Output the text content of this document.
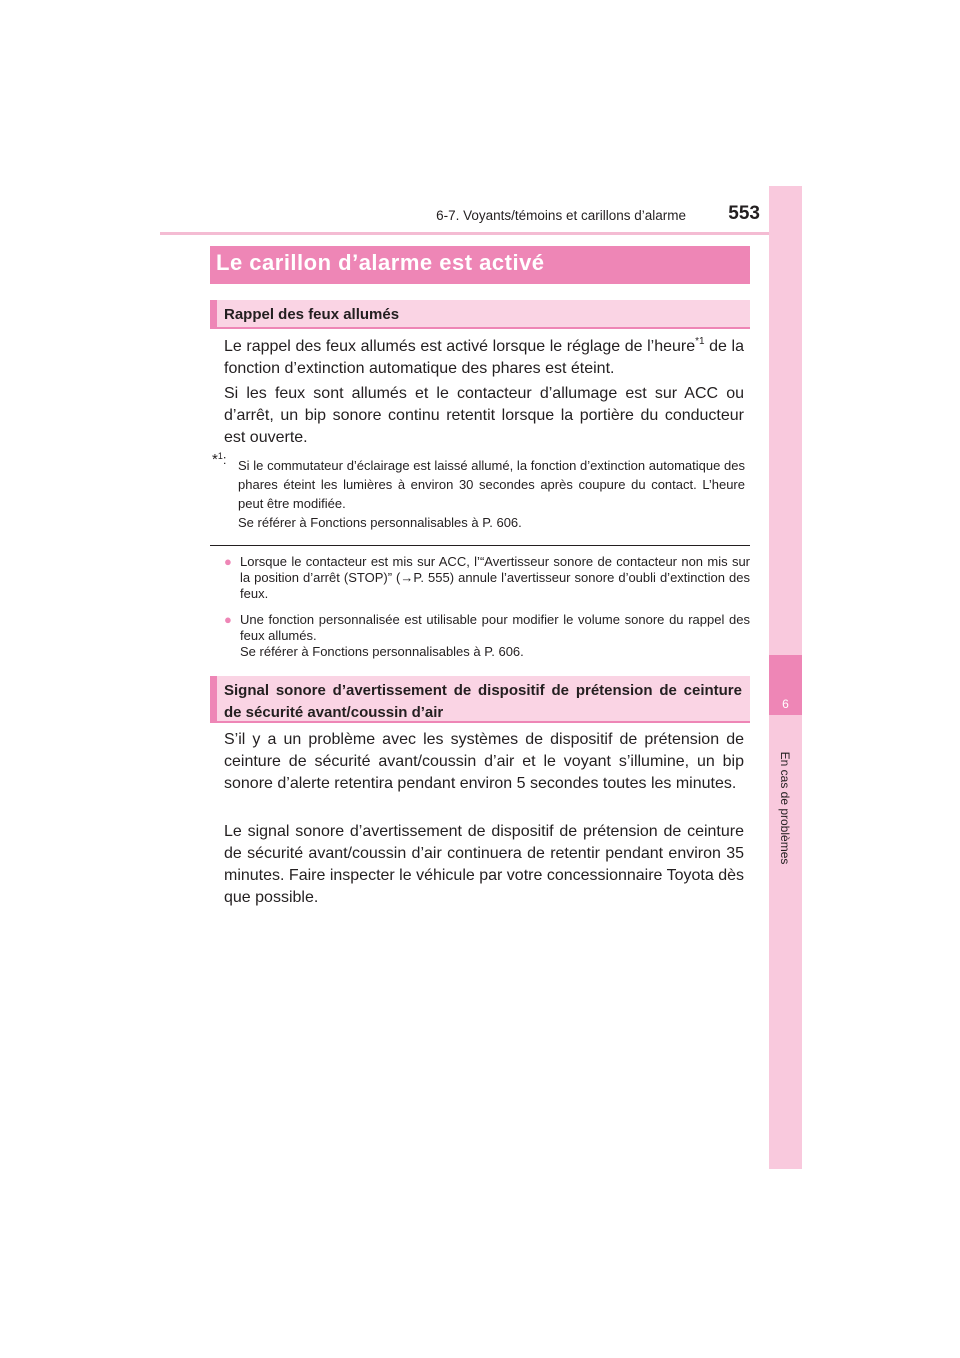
6-7. Voyants/témoins et carillons d’alarme	553
6
En cas de problèmes
Le carillon d’alarme est activé
Rappel des feux allumés
Le rappel des feux allumés est activé lorsque le réglage de l’heure$^{*1}$ de la fonction d’extinction automatique des phares est éteint.
Si les feux sont allumés et le contacteur d’allumage est sur ACC ou d’arrêt, un bip sonore continu retentit lorsque la portière du conducteur est ouverte.
*$^1$: Si le commutateur d’éclairage est laissé allumé, la fonction d’extinction automatique des phares éteint les lumières à environ 30 secondes après coupure du contact. L’heure peut être modifiée.
Se référer à Fonctions personnalisables à P. 606.
● Lorsque le contacteur est mis sur ACC, l’“Avertisseur sonore de contacteur non mis sur la position d’arrêt (STOP)” (→P. 555) annule l’avertisseur sonore d’oubli d’extinction des feux.
● Une fonction personnalisée est utilisable pour modifier le volume sonore du rappel des feux allumés.
Se référer à Fonctions personnalisables à P. 606.
Signal sonore d’avertissement de dispositif de prétension de ceinture de sécurité avant/coussin d’air
S’il y a un problème avec les systèmes de dispositif de prétension de ceinture de sécurité avant/coussin d’air et le voyant s’illumine, un bip sonore d’alerte retentira pendant environ 5 secondes toutes les minutes.
Le signal sonore d’avertissement de dispositif de prétension de ceinture de sécurité avant/coussin d’air continuera de retentir pendant environ 35 minutes. Faire inspecter le véhicule par votre concessionnaire Toyota dès que possible.
